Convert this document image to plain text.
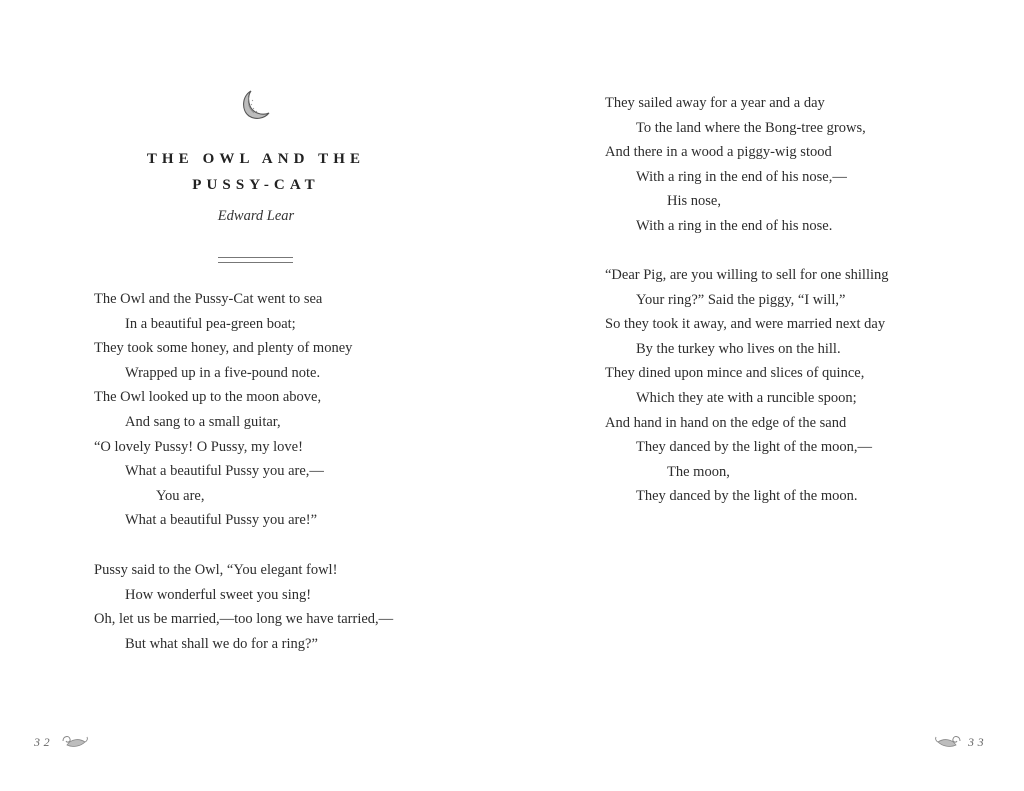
THE OWL AND THE
PUSSY-CAT
Edward Lear
The Owl and the Pussy-Cat went to sea
In a beautiful pea-green boat;
They took some honey, and plenty of money
Wrapped up in a five-pound note.
The Owl looked up to the moon above,
And sang to a small guitar,
“O lovely Pussy! O Pussy, my love!
What a beautiful Pussy you are,—
You are,
What a beautiful Pussy you are!”
Pussy said to the Owl, “You elegant fowl!
How wonderful sweet you sing!
Oh, let us be married,—too long we have tarried,—
But what shall we do for a ring?”
They sailed away for a year and a day
To the land where the Bong-tree grows,
And there in a wood a piggy-wig stood
With a ring in the end of his nose,—
His nose,
With a ring in the end of his nose.
“Dear Pig, are you willing to sell for one shilling
Your ring?” Said the piggy, “I will,”
So they took it away, and were married next day
By the turkey who lives on the hill.
They dined upon mince and slices of quince,
Which they ate with a runcible spoon;
And hand in hand on the edge of the sand
They danced by the light of the moon,—
The moon,
They danced by the light of the moon.
32	33
